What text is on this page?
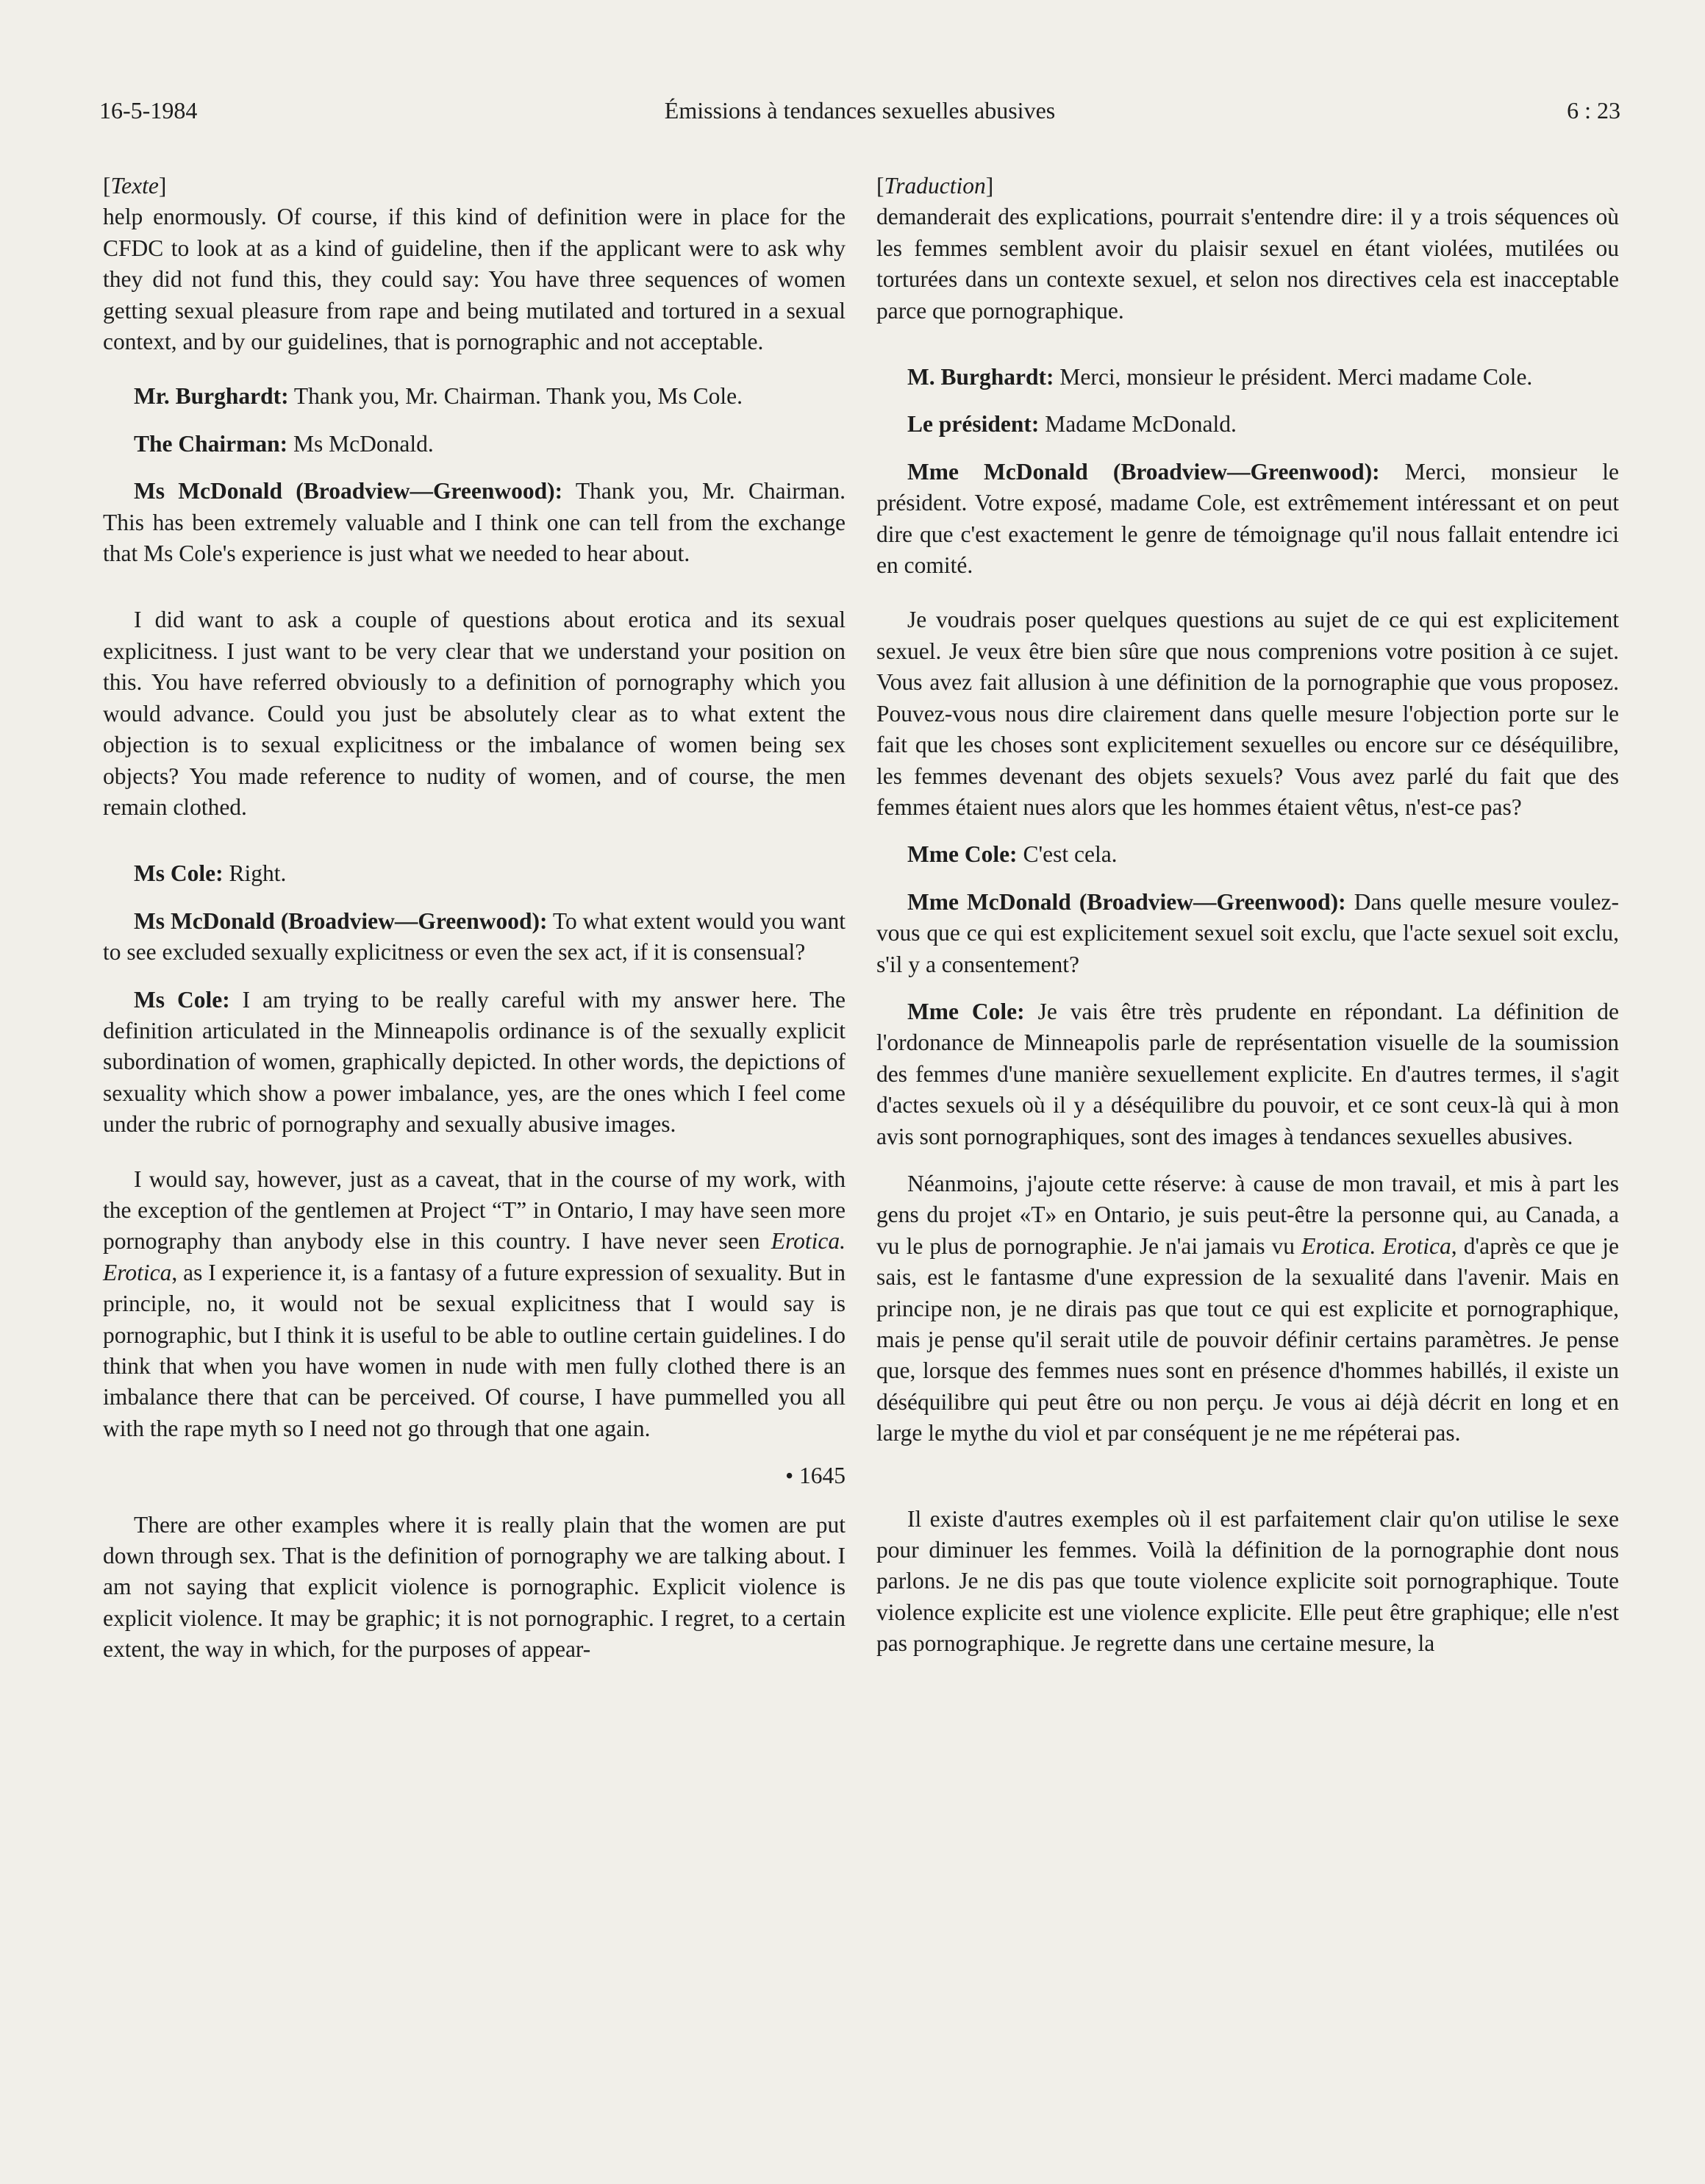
16-5-1984	Émissions à tendances sexuelles abusives	6 : 23

[Texte]

help enormously. Of course, if this kind of definition were in place for the CFDC to look at as a kind of guideline, then if the applicant were to ask why they did not fund this, they could say: You have three sequences of women getting sexual pleasure from rape and being mutilated and tortured in a sexual context, and by our guidelines, that is pornographic and not acceptable.

Mr. Burghardt: Thank you, Mr. Chairman. Thank you, Ms Cole.

The Chairman: Ms McDonald.

Ms McDonald (Broadview—Greenwood): Thank you, Mr. Chairman. This has been extremely valuable and I think one can tell from the exchange that Ms Cole's experience is just what we needed to hear about.

I did want to ask a couple of questions about erotica and its sexual explicitness. I just want to be very clear that we understand your position on this. You have referred obviously to a definition of pornography which you would advance. Could you just be absolutely clear as to what extent the objection is to sexual explicitness or the imbalance of women being sex objects? You made reference to nudity of women, and of course, the men remain clothed.

Ms Cole: Right.

Ms McDonald (Broadview—Greenwood): To what extent would you want to see excluded sexually explicitness or even the sex act, if it is consensual?

Ms Cole: I am trying to be really careful with my answer here. The definition articulated in the Minneapolis ordinance is of the sexually explicit subordination of women, graphically depicted. In other words, the depictions of sexuality which show a power imbalance, yes, are the ones which I feel come under the rubric of pornography and sexually abusive images.

I would say, however, just as a caveat, that in the course of my work, with the exception of the gentlemen at Project “T” in Ontario, I may have seen more pornography than anybody else in this country. I have never seen Erotica. Erotica, as I experience it, is a fantasy of a future expression of sexuality. But in principle, no, it would not be sexual explicitness that I would say is pornographic, but I think it is useful to be able to outline certain guidelines. I do think that when you have women in nude with men fully clothed there is an imbalance there that can be perceived. Of course, I have pummelled you all with the rape myth so I need not go through that one again.

• 1645

There are other examples where it is really plain that the women are put down through sex. That is the definition of pornography we are talking about. I am not saying that explicit violence is pornographic. Explicit violence is explicit violence. It may be graphic; it is not pornographic. I regret, to a certain extent, the way in which, for the purposes of appear-

[Traduction]

demanderait des explications, pourrait s'entendre dire: il y a trois séquences où les femmes semblent avoir du plaisir sexuel en étant violées, mutilées ou torturées dans un contexte sexuel, et selon nos directives cela est inacceptable parce que pornographique.

M. Burghardt: Merci, monsieur le président. Merci madame Cole.

Le président: Madame McDonald.

Mme McDonald (Broadview—Greenwood): Merci, monsieur le président. Votre exposé, madame Cole, est extrêmement intéressant et on peut dire que c'est exactement le genre de témoignage qu'il nous fallait entendre ici en comité.

Je voudrais poser quelques questions au sujet de ce qui est explicitement sexuel. Je veux être bien sûre que nous comprenions votre position à ce sujet. Vous avez fait allusion à une définition de la pornographie que vous proposez. Pouvez-vous nous dire clairement dans quelle mesure l'objection porte sur le fait que les choses sont explicitement sexuelles ou encore sur ce déséquilibre, les femmes devenant des objets sexuels? Vous avez parlé du fait que des femmes étaient nues alors que les hommes étaient vêtus, n'est-ce pas?

Mme Cole: C'est cela.

Mme McDonald (Broadview—Greenwood): Dans quelle mesure voulez-vous que ce qui est explicitement sexuel soit exclu, que l'acte sexuel soit exclu, s'il y a consentement?

Mme Cole: Je vais être très prudente en répondant. La définition de l'ordonance de Minneapolis parle de représentation visuelle de la soumission des femmes d'une manière sexuellement explicite. En d'autres termes, il s'agit d'actes sexuels où il y a déséquilibre du pouvoir, et ce sont ceux-là qui à mon avis sont pornographiques, sont des images à tendances sexuelles abusives.

Néanmoins, j'ajoute cette réserve: à cause de mon travail, et mis à part les gens du projet «T» en Ontario, je suis peut-être la personne qui, au Canada, a vu le plus de pornographie. Je n'ai jamais vu Erotica. Erotica, d'après ce que je sais, est le fantasme d'une expression de la sexualité dans l'avenir. Mais en principe non, je ne dirais pas que tout ce qui est explicite et pornographique, mais je pense qu'il serait utile de pouvoir définir certains paramètres. Je pense que, lorsque des femmes nues sont en présence d'hommes habillés, il existe un déséquilibre qui peut être ou non perçu. Je vous ai déjà décrit en long et en large le mythe du viol et par conséquent je ne me répéterai pas.

Il existe d'autres exemples où il est parfaitement clair qu'on utilise le sexe pour diminuer les femmes. Voilà la définition de la pornographie dont nous parlons. Je ne dis pas que toute violence explicite soit pornographique. Toute violence explicite est une violence explicite. Elle peut être graphique; elle n'est pas pornographique. Je regrette dans une certaine mesure, la
